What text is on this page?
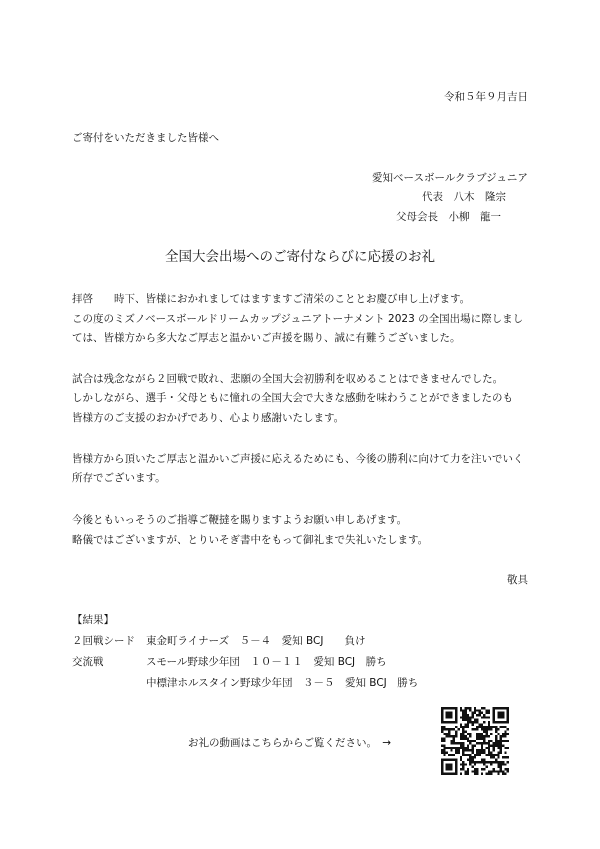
令和５年９月吉日
ご寄付をいただきました皆様へ
愛知ベースボールクラブジュニア
代表　八木　隆宗
父母会長　小柳　龍一
全国大会出場へのご寄付ならびに応援のお礼
拝啓　　時下、皆様におかれましてはますますご清栄のこととお慶び申し上げます。
この度のミズノベースボールドリームカップジュニアトーナメント 2023 の全国出場に際しまし
ては、皆様方から多大なご厚志と温かいご声援を賜り、誠に有難うございました。
試合は残念ながら２回戦で敗れ、悲願の全国大会初勝利を収めることはできませんでした。
しかしながら、選手・父母ともに憧れの全国大会で大きな感動を味わうことができましたのも
皆様方のご支援のおかげであり、心より感謝いたします。
皆様方から頂いたご厚志と温かいご声援に応えるためにも、今後の勝利に向けて力を注いでいく
所存でございます。
今後ともいっそうのご指導ご鞭撻を賜りますようお願い申しあげます。
略儀ではございますが、とりいそぎ書中をもって御礼まで失礼いたします。
敬具
【結果】
２回戦シード 東金町ライナーズ　５－４　愛知 BCJ　　負け
交流戦	スモール野球少年団　１０－１１　愛知 BCJ　勝ち
中標津ホルスタイン野球少年団　３－５　愛知 BCJ　勝ち
お礼の動画はこちらからご覧ください。　→
